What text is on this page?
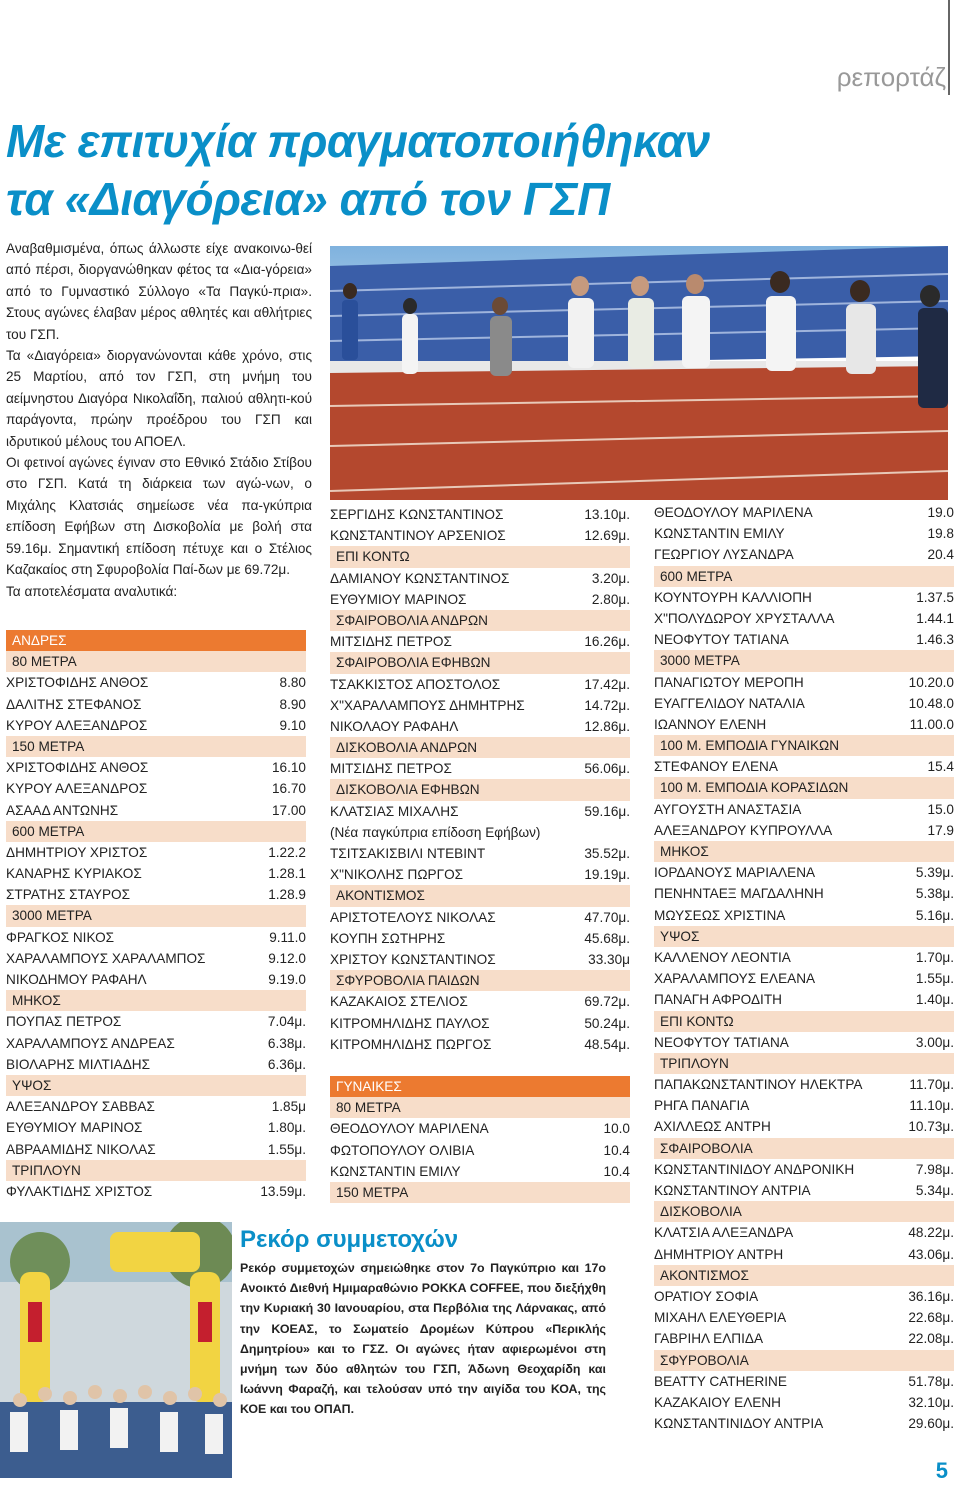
ρεπορτάζ
Με επιτυχία πραγματοποιήθηκαν
τα «Διαγόρεια» από τον ΓΣΠ

Αναβαθμισμένα, όπως άλλωστε είχε ανακοινω-θεί από πέρσι, διοργανώθηκαν φέτος τα «Δια-γόρεια» από το Γυμναστικό Σύλλογο «Τα Παγκύ-πρια». Στους αγώνες έλαβαν μέρος αθλητές και αθλήτριες του ΓΣΠ.

Τα «Διαγόρεια» διοργανώνονται κάθε χρόνο, στις 25 Μαρτίου, από τον ΓΣΠ, στη μνήμη του αείμνηστου Διαγόρα Νικολαΐδη, παλιού αθλητι-κού παράγοντα, πρώην προέδρου του ΓΣΠ και ιδρυτικού μέλους του ΑΠΟΕΛ.

Οι φετινοί αγώνες έγιναν στο Εθνικό Στάδιο Στίβου στο ΓΣΠ. Κατά τη διάρκεια των αγώ-νων, ο Μιχάλης Κλατσιάς σημείωσε νέα πα-γκύπρια επίδοση Εφήβων στη Δισκοβολία με βολή στα 59.16μ. Σημαντική επίδοση πέτυχε και ο Στέλιος Καζακαίος στη Σφυροβολία Παί-δων με 69.72μ.

Τα αποτελέσματα αναλυτικά:

ΑΝΔΡΕΣ
80 ΜΕΤΡΑ
ΧΡΙΣΤΟΦΙΔΗΣ ΑΝΘΟΣ	8.80
ΔΑΛΙΤΗΣ ΣΤΕΦΑΝΟΣ	8.90
ΚΥΡΟΥ ΑΛΕΞΑΝΔΡΟΣ	9.10
150 ΜΕΤΡΑ
ΧΡΙΣΤΟΦΙΔΗΣ ΑΝΘΟΣ	16.10
ΚΥΡΟΥ ΑΛΕΞΑΝΔΡΟΣ	16.70
ΑΣΑΑΔ ΑΝΤΩΝΗΣ	17.00
600 ΜΕΤΡΑ
ΔΗΜΗΤΡΙΟΥ ΧΡΙΣΤΟΣ	1.22.2
ΚΑΝΑΡΗΣ ΚΥΡΙΑΚΟΣ	1.28.1
ΣΤΡΑΤΗΣ ΣΤΑΥΡΟΣ	1.28.9
3000 ΜΕΤΡΑ
ΦΡΑΓΚΟΣ ΝΙΚΟΣ	9.11.0
ΧΑΡΑΛΑΜΠΟΥΣ ΧΑΡΑΛΑΜΠΟΣ	9.12.0
ΝΙΚΟΔΗΜΟΥ ΡΑΦΑΗΛ	9.19.0
ΜΗΚΟΣ
ΠΟΥΠΑΣ ΠΕΤΡΟΣ	7.04μ.
ΧΑΡΑΛΑΜΠΟΥΣ ΑΝΔΡΕΑΣ	6.38μ.
ΒΙΟΛΑΡΗΣ ΜΙΛΤΙΑΔΗΣ	6.36μ.
ΥΨΟΣ
ΑΛΕΞΑΝΔΡΟΥ ΣΑΒΒΑΣ	1.85μ
ΕΥΘΥΜΙΟΥ ΜΑΡΙΝΟΣ	1.80μ.
ΑΒΡΑΑΜΙΔΗΣ ΝΙΚΟΛΑΣ	1.55μ.
ΤΡΙΠΛΟΥΝ
ΦΥΛΑΚΤΙΔΗΣ ΧΡΙΣΤΟΣ	13.59μ.
ΣΕΡΓΙΔΗΣ ΚΩΝΣΤΑΝΤΙΝΟΣ	13.10μ.
ΚΩΝΣΤΑΝΤΙΝΟΥ ΑΡΣΕΝΙΟΣ	12.69μ.
ΕΠΙ ΚΟΝΤΩ
ΔΑΜΙΑΝΟΥ ΚΩΝΣΤΑΝΤΙΝΟΣ	3.20μ.
ΕΥΘΥΜΙΟΥ ΜΑΡΙΝΟΣ	2.80μ.
ΣΦΑΙΡΟΒΟΛΙΑ ΑΝΔΡΩΝ
ΜΙΤΣΙΔΗΣ ΠΕΤΡΟΣ	16.26μ.
ΣΦΑΙΡΟΒΟΛΙΑ ΕΦΗΒΩΝ
ΤΣΑΚΚΙΣΤΟΣ ΑΠΟΣΤΟΛΟΣ	17.42μ.
Χ"ΧΑΡΑΛΑΜΠΟΥΣ ΔΗΜΗΤΡΗΣ	14.72μ.
ΝΙΚΟΛΑΟΥ ΡΑΦΑΗΛ	12.86μ.
ΔΙΣΚΟΒΟΛΙΑ ΑΝΔΡΩΝ
ΜΙΤΣΙΔΗΣ ΠΕΤΡΟΣ	56.06μ.
ΔΙΣΚΟΒΟΛΙΑ ΕΦΗΒΩΝ
ΚΛΑΤΣΙΑΣ ΜΙΧΑΛΗΣ	59.16μ.
(Νέα παγκύπρια επίδοση Εφήβων)
ΤΣΙΤΣΑΚΙΣΒΙΛΙ ΝΤΕΒΙΝΤ	35.52μ.
Χ"ΝΙΚΟΛΗΣ ΠΩΡΓΟΣ	19.19μ.
ΑΚΟΝΤΙΣΜΟΣ
ΑΡΙΣΤΟΤΕΛΟΥΣ ΝΙΚΟΛΑΣ	47.70μ.
ΚΟΥΠΗ ΣΩΤΗΡΗΣ	45.68μ.
ΧΡΙΣΤΟΥ ΚΩΝΣΤΑΝΤΙΝΟΣ	33.30μ
ΣΦΥΡΟΒΟΛΙΑ ΠΑΙΔΩΝ
ΚΑΖΑΚΑΙΟΣ ΣΤΕΛΙΟΣ	69.72μ.
ΚΙΤΡΟΜΗΛΙΔΗΣ ΠΑΥΛΟΣ	50.24μ.
ΚΙΤΡΟΜΗΛΙΔΗΣ ΠΩΡΓΟΣ	48.54μ.
ΓΥΝΑΙΚΕΣ
80 ΜΕΤΡΑ
ΘΕΟΔΟΥΛΟΥ ΜΑΡΙΛΕΝΑ	10.0
ΦΩΤΟΠΟΥΛΟΥ ΟΛΙΒΙΑ	10.4
ΚΩΝΣΤΑΝΤΙΝ ΕΜΙΛΥ	10.4
150 ΜΕΤΡΑ
ΘΕΟΔΟΥΛΟΥ ΜΑΡΙΛΕΝΑ	19.0
ΚΩΝΣΤΑΝΤΙΝ ΕΜΙΛΥ	19.8
ΓΕΩΡΓΙΟΥ ΛΥΣΑΝΔΡΑ	20.4
600 ΜΕΤΡΑ
ΚΟΥΝΤΟΥΡΗ ΚΑΛΛΙΟΠΗ	1.37.5
Χ"ΠΟΛΥΔΩΡΟΥ ΧΡΥΣΤΑΛΛΑ	1.44.1
ΝΕΟΦΥΤΟΥ ΤΑΤΙΑΝΑ	1.46.3
3000 ΜΕΤΡΑ
ΠΑΝΑΓΙΩΤΟΥ ΜΕΡΟΠΗ	10.20.0
ΕΥΑΓΓΕΛΙΔΟΥ ΝΑΤΑΛΙΑ	10.48.0
ΙΩΑΝΝΟΥ ΕΛΕΝΗ	11.00.0
100 Μ. ΕΜΠΟΔΙΑ ΓΥΝΑΙΚΩΝ
ΣΤΕΦΑΝΟΥ ΕΛΕΝΑ	15.4
100 Μ. ΕΜΠΟΔΙΑ ΚΟΡΑΣΙΔΩΝ
ΑΥΓΟΥΣΤΗ ΑΝΑΣΤΑΣΙΑ	15.0
ΑΛΕΞΑΝΔΡΟΥ ΚΥΠΡΟΥΛΛΑ	17.9
ΜΗΚΟΣ
ΙΟΡΔΑΝΟΥΣ ΜΑΡΙΑΛΕΝΑ	5.39μ.
ΠΕΝΗΝΤΑΕΞ ΜΑΓΔΑΛΗΝΗ	5.38μ.
ΜΩΥΣΕΩΣ ΧΡΙΣΤΙΝΑ	5.16μ.
ΥΨΟΣ
ΚΑΛΛΕΝΟΥ ΛΕΟΝΤΙΑ	1.70μ.
ΧΑΡΑΛΑΜΠΟΥΣ ΕΛΕΑΝΑ	1.55μ.
ΠΑΝΑΓΗ ΑΦΡΟΔΙΤΗ	1.40μ.
ΕΠΙ ΚΟΝΤΩ
ΝΕΟΦΥΤΟΥ ΤΑΤΙΑΝΑ	3.00μ.
ΤΡΙΠΛΟΥΝ
ΠΑΠΑΚΩΝΣΤΑΝΤΙΝΟΥ ΗΛΕΚΤΡΑ	11.70μ.
ΡΗΓΑ ΠΑΝΑΓΙΑ	11.10μ.
ΑΧΙΛΛΕΩΣ ΑΝΤΡΗ	10.73μ.
ΣΦΑΙΡΟΒΟΛΙΑ
ΚΩΝΣΤΑΝΤΙΝΙΔΟΥ ΑΝΔΡΟΝΙΚΗ	7.98μ.
ΚΩΝΣΤΑΝΤΙΝΟΥ ΑΝΤΡΙΑ	5.34μ.
ΔΙΣΚΟΒΟΛΙΑ
ΚΛΑΤΣΙΑ ΑΛΕΞΑΝΔΡΑ	48.22μ.
ΔΗΜΗΤΡΙΟΥ ΑΝΤΡΗ	43.06μ.
ΑΚΟΝΤΙΣΜΟΣ
ΟΡΑΤΙΟΥ ΣΟΦΙΑ	36.16μ.
ΜΙΧΑΗΛ ΕΛΕΥΘΕΡΙΑ	22.68μ.
ΓΑΒΡΙΗΛ ΕΛΠΙΔΑ	22.08μ.
ΣΦΥΡΟΒΟΛΙΑ
BEATTY CATHERINE	51.78μ.
ΚΑΖΑΚΑΙΟΥ ΕΛΕΝΗ	32.10μ.
ΚΩΝΣΤΑΝΤΙΝΙΔΟΥ ΑΝΤΡΙΑ	29.60μ.
Ρεκόρ συμμετοχών

Ρεκόρ συμμετοχών σημειώθηκε στον 7ο Παγκύπριο και 17ο Ανοικτό Διεθνή Ημιμαραθώνιο POKKA COFFEE, που διεξήχθη την Κυριακή 30 Ιανουαρίου, στα Περβόλια της Λάρνακας, από την ΚΟΕΑΣ, το Σωματείο Δρομέων Κύπρου «Περικλής Δημητρίου» και το ΓΣΖ. Οι αγώνες ήταν αφιερωμένοι στη μνήμη των δύο αθλητών του ΓΣΠ, Άδωνη Θεοχαρίδη και Ιωάννη Φαραζή, και τελούσαν υπό την αιγίδα του ΚΟΑ, της ΚΟΕ και του ΟΠΑΠ.

5
